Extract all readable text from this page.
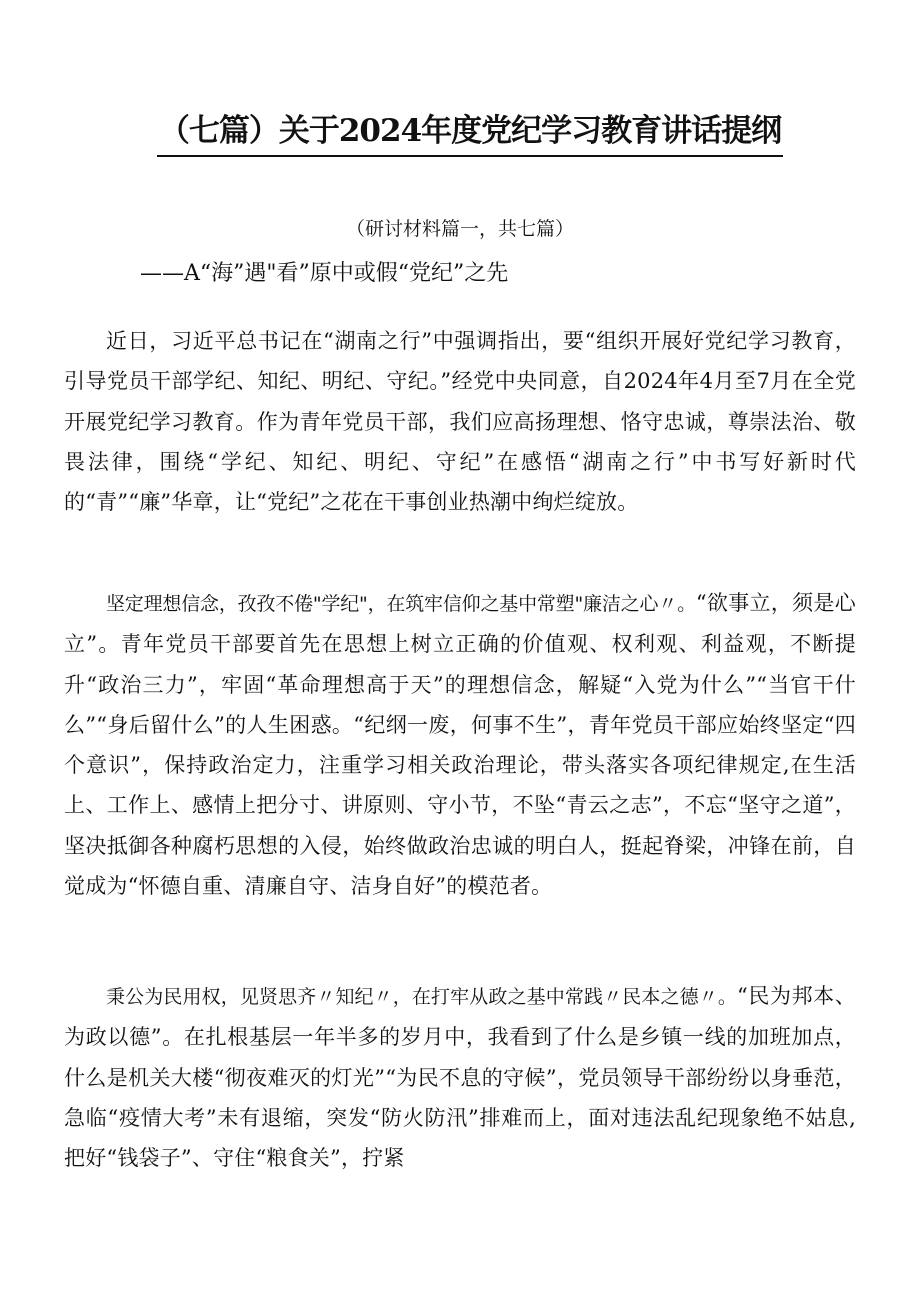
（七篇）关于2024年度党纪学习教育讲话提纲
（研讨材料篇一，共七篇）
——A“海”遇"看”原中或假“党纪”之先

近日，习近平总书记在“湖南之行”中强调指出，要“组织开展好党纪学习教育，引导党员干部学纪、知纪、明纪、守纪。”经党中央同意，自2024年4月至7月在全党开展党纪学习教育。作为青年党员干部，我们应高扬理想、恪守忠诚，尊崇法治、敬畏法律，围绕“学纪、知纪、明纪、守纪”在感悟“湖南之行”中书写好新时代的“青”“廉”华章，让“党纪”之花在干事创业热潮中绚烂绽放。

坚定理想信念，孜孜不倦"学纪"，在筑牢信仰之基中常塑"廉洁之心〃。“欲事立，须是心立”。青年党员干部要首先在思想上树立正确的价值观、权利观、利益观，不断提升“政治三力”，牢固“革命理想高于天”的理想信念，解疑“入党为什么”“当官干什么”“身后留什么”的人生困惑。“纪纲一废，何事不生”，青年党员干部应始终坚定“四个意识”，保持政治定力，注重学习相关政治理论，带头落实各项纪律规定,在生活上、工作上、感情上把分寸、讲原则、守小节，不坠“青云之志”，不忘“坚守之道”，坚决抵御各种腐朽思想的入侵，始终做政治忠诚的明白人，挺起脊梁，冲锋在前，自觉成为“怀德自重、清廉自守、洁身自好”的模范者。

秉公为民用权，见贤思齐〃知纪〃，在打牢从政之基中常践〃民本之德〃。“民为邦本、为政以德”。在扎根基层一年半多的岁月中，我看到了什么是乡镇一线的加班加点，什么是机关大楼“彻夜难灭的灯光”“为民不息的守候”，党员领导干部纷纷以身垂范，急临“疫情大考”未有退缩，突发“防火防汛”排难而上，面对违法乱纪现象绝不姑息,把好“钱袋子”、守住“粮食关”，拧紧
